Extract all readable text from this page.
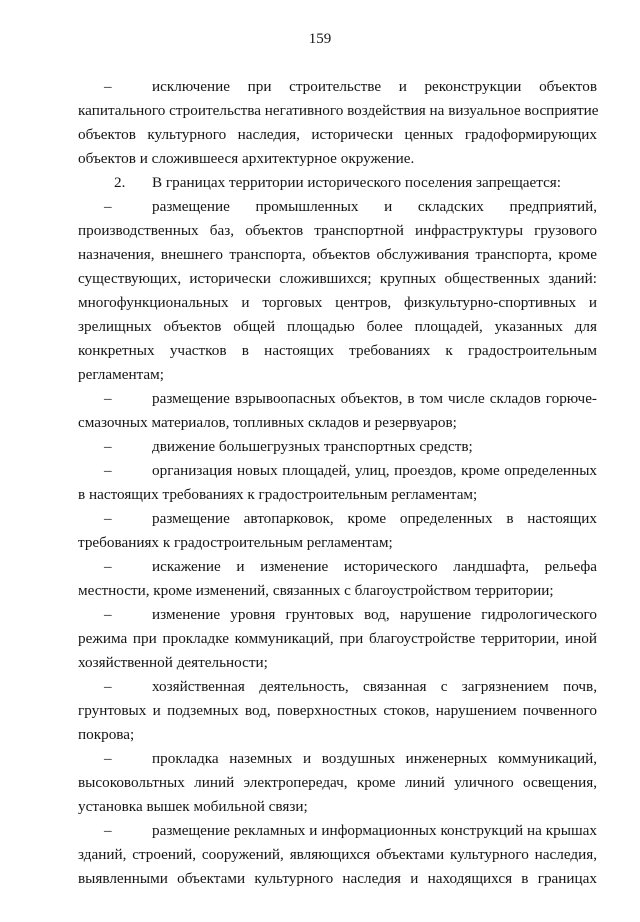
159
–	исключение при строительстве и реконструкции объектов
капитального строительства негативного воздействия на визуальное восприятие
объектов культурного наследия, исторически ценных градоформирующих
объектов и сложившееся архитектурное окружение.
2. В границах территории исторического поселения запрещается:
–	размещение промышленных и складских предприятий,
производственных баз, объектов транспортной инфраструктуры грузового
назначения, внешнего транспорта, объектов обслуживания транспорта, кроме
существующих, исторически сложившихся; крупных общественных зданий:
многофункциональных и торговых центров, физкультурно-спортивных и
зрелищных объектов общей площадью более площадей, указанных для
конкретных участков в настоящих требованиях к градостроительным
регламентам;
–	размещение взрывоопасных объектов, в том числе складов горюче-
смазочных материалов, топливных складов и резервуаров;
–	движение большегрузных транспортных средств;
–	организация новых площадей, улиц, проездов, кроме определенных
в настоящих требованиях к градостроительным регламентам;
–	размещение автопарковок, кроме определенных в настоящих
требованиях к градостроительным регламентам;
–	искажение и изменение исторического ландшафта, рельефа
местности, кроме изменений, связанных с благоустройством территории;
–	изменение уровня грунтовых вод, нарушение гидрологического
режима при прокладке коммуникаций, при благоустройстве территории, иной
хозяйственной деятельности;
–	хозяйственная деятельность, связанная с загрязнением почв,
грунтовых и подземных вод, поверхностных стоков, нарушением почвенного
покрова;
–	прокладка наземных и воздушных инженерных коммуникаций,
высоковольтных линий электропередач, кроме линий уличного освещения,
установка вышек мобильной связи;
–	размещение рекламных и информационных конструкций на крышах
зданий, строений, сооружений, являющихся объектами культурного наследия,
выявленными объектами культурного наследия и находящихся в границах
